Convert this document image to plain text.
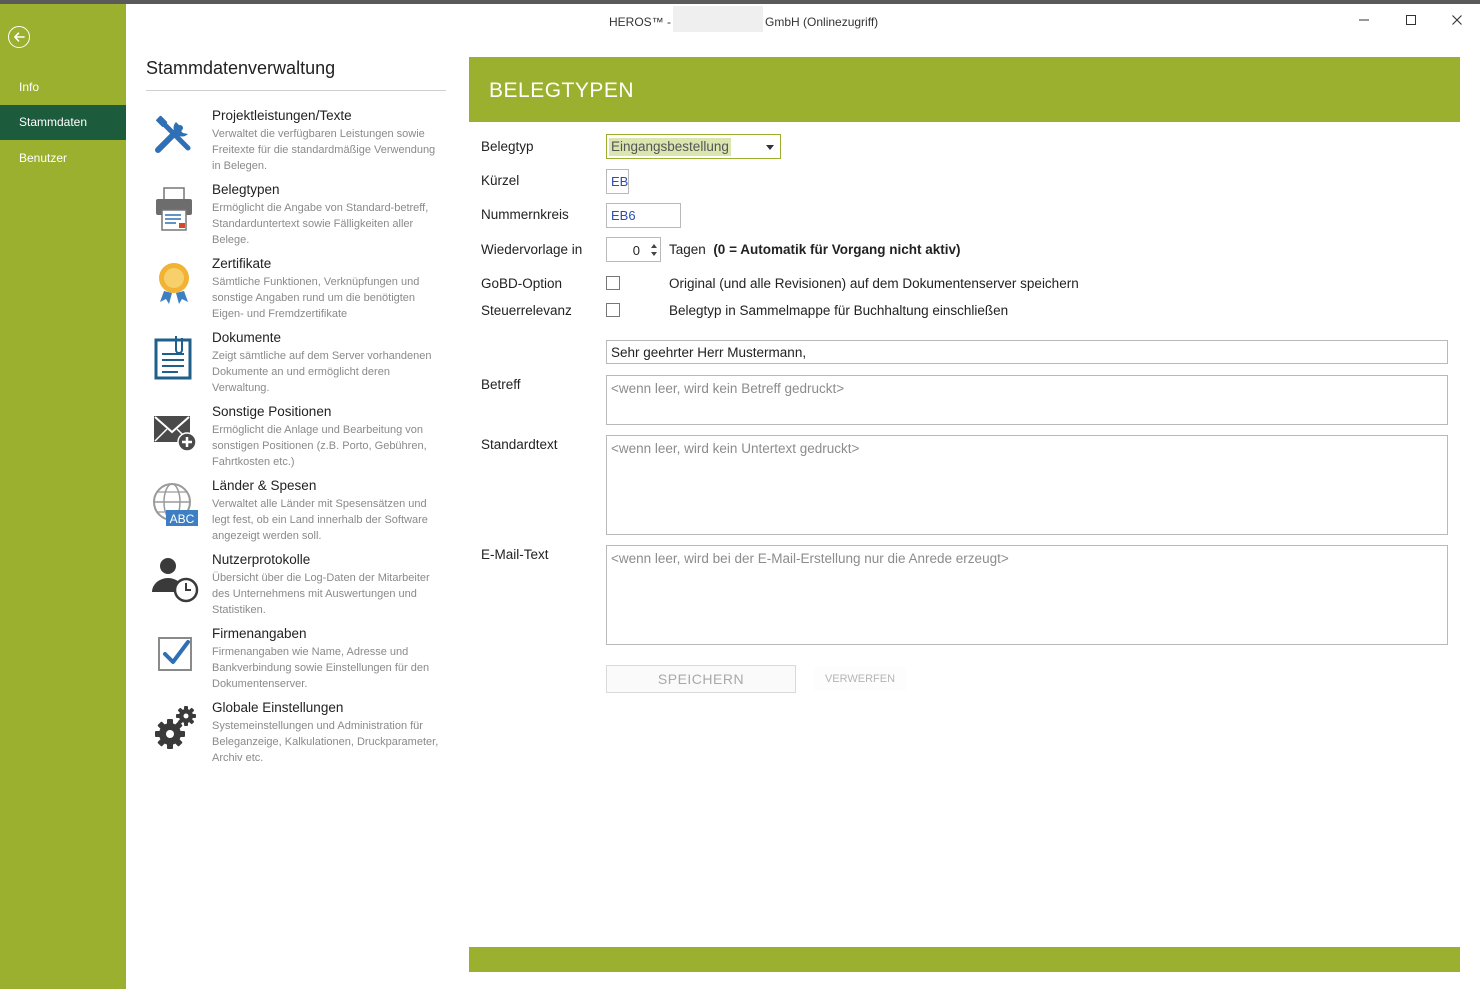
Info
Stammdaten
Benutzer
HEROS™ -	GmbH (Onlinezugriff)
Stammdatenverwaltung
Projektleistungen/Texte
Verwaltet die verfügbaren Leistungen sowie Freitexte für die standardmäßige Verwendung in Belegen.
Belegtypen
Ermöglicht die Angabe von Standard-betreff, Standarduntertext sowie Fälligkeiten aller Belege.
Zertifikate
Sämtliche Funktionen, Verknüpfungen und sonstige Angaben rund um die benötigten Eigen- und Fremdzertifikate
Dokumente
Zeigt sämtliche auf dem Server vorhandenen Dokumente an und ermöglicht deren Verwaltung.
Sonstige Positionen
Ermöglicht die Anlage und Bearbeitung von sonstigen Positionen (z.B. Porto, Gebühren, Fahrtkosten etc.)
ABC
Länder & Spesen
Verwaltet alle Länder mit Spesensätzen und legt fest, ob ein Land innerhalb der Software angezeigt werden soll.
Nutzerprotokolle
Übersicht über die Log-Daten der Mitarbeiter des Unternehmens mit Auswertungen und Statistiken.
Firmenangaben
Firmenangaben wie Name, Adresse und Bankverbindung sowie Einstellungen für den Dokumentenserver.
Globale Einstellungen
Systemeinstellungen und Administration für Beleganzeige, Kalkulationen, Druckparameter, Archiv etc.
BELEGTYPEN
Belegtyp	Eingangsbestellung
Kürzel	EB
Nummernkreis	EB6
Wiedervorlage in	0 Tagen (0 = Automatik für Vorgang nicht aktiv)
GoBD-Option	Original (und alle Revisionen) auf dem Dokumentenserver speichern
Steuerrelevanz	Belegtyp in Sammelmappe für Buchhaltung einschließen
Sehr geehrter Herr Mustermann,
Betreff	<wenn leer, wird kein Betreff gedruckt>
Standardtext	<wenn leer, wird kein Untertext gedruckt>
E-Mail-Text	<wenn leer, wird bei der E-Mail-Erstellung nur die Anrede erzeugt>
SPEICHERN	VERWERFEN
